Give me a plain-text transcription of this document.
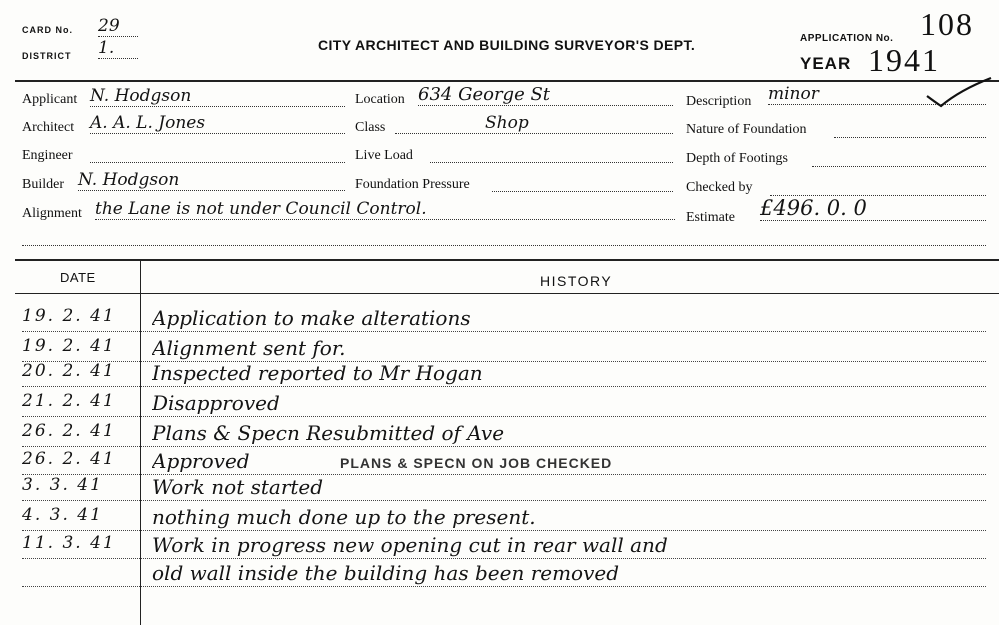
CARD No. 29
DISTRICT 1.	CITY ARCHITECT AND BUILDING SURVEYOR'S DEPT.	APPLICATION No. 108
YEAR 1941
Applicant N. Hodgson
Architect A. A. L. Jones
Engineer
Builder N. Hodgson
Alignment the Lane is not under Council Control.
Location 634 George St
Class	Shop
Live Load
Foundation Pressure
Description minor
Nature of Foundation
Depth of Footings
Checked by
Estimate £496. 0. 0
DATE	HISTORY
19. 2. 41	Application to make alterations
19. 2. 41	Alignment sent for.
20. 2. 41	Inspected reported to Mr Hogan
21. 2. 41	Disapproved
26. 2. 41	Plans & Specn Resubmitted of Ave
26. 2. 41	Approved
3. 3. 41	Work not started
4. 3. 41	nothing much done up to the present.
11. 3. 41	Work in progress new opening cut in rear wall and
old wall inside the building has been removed
PLANS & SPECN ON JOB CHECKED
